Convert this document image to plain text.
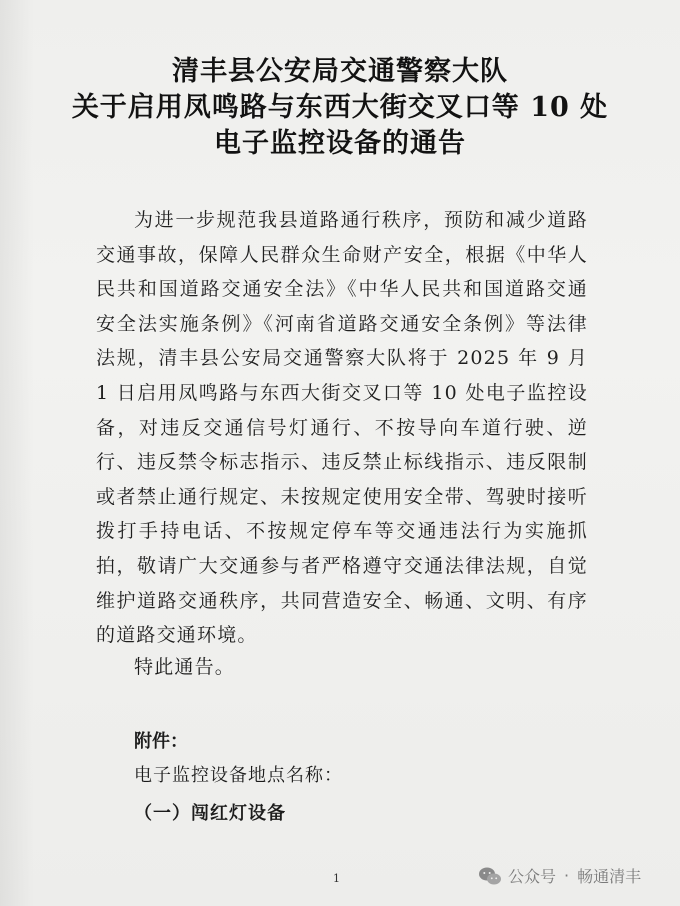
清丰县公安局交通警察大队
关于启用凤鸣路与东西大街交叉口等 10 处
电子监控设备的通告

为进一步规范我县道路通行秩序，预防和减少道路交通事故，保障人民群众生命财产安全，根据《中华人民共和国道路交通安全法》《中华人民共和国道路交通安全法实施条例》《河南省道路交通安全条例》等法律法规，清丰县公安局交通警察大队将于 2025 年 9 月 1 日启用凤鸣路与东西大街交叉口等 10 处电子监控设备，对违反交通信号灯通行、不按导向车道行驶、逆行、违反禁令标志指示、违反禁止标线指示、违反限制或者禁止通行规定、未按规定使用安全带、驾驶时接听拨打手持电话、不按规定停车等交通违法行为实施抓拍，敬请广大交通参与者严格遵守交通法律法规，自觉维护道路交通秩序，共同营造安全、畅通、文明、有序的道路交通环境。

特此通告。
附件：
电子监控设备地点名称：
（一）闯红灯设备
1	公众号 · 畅通清丰
